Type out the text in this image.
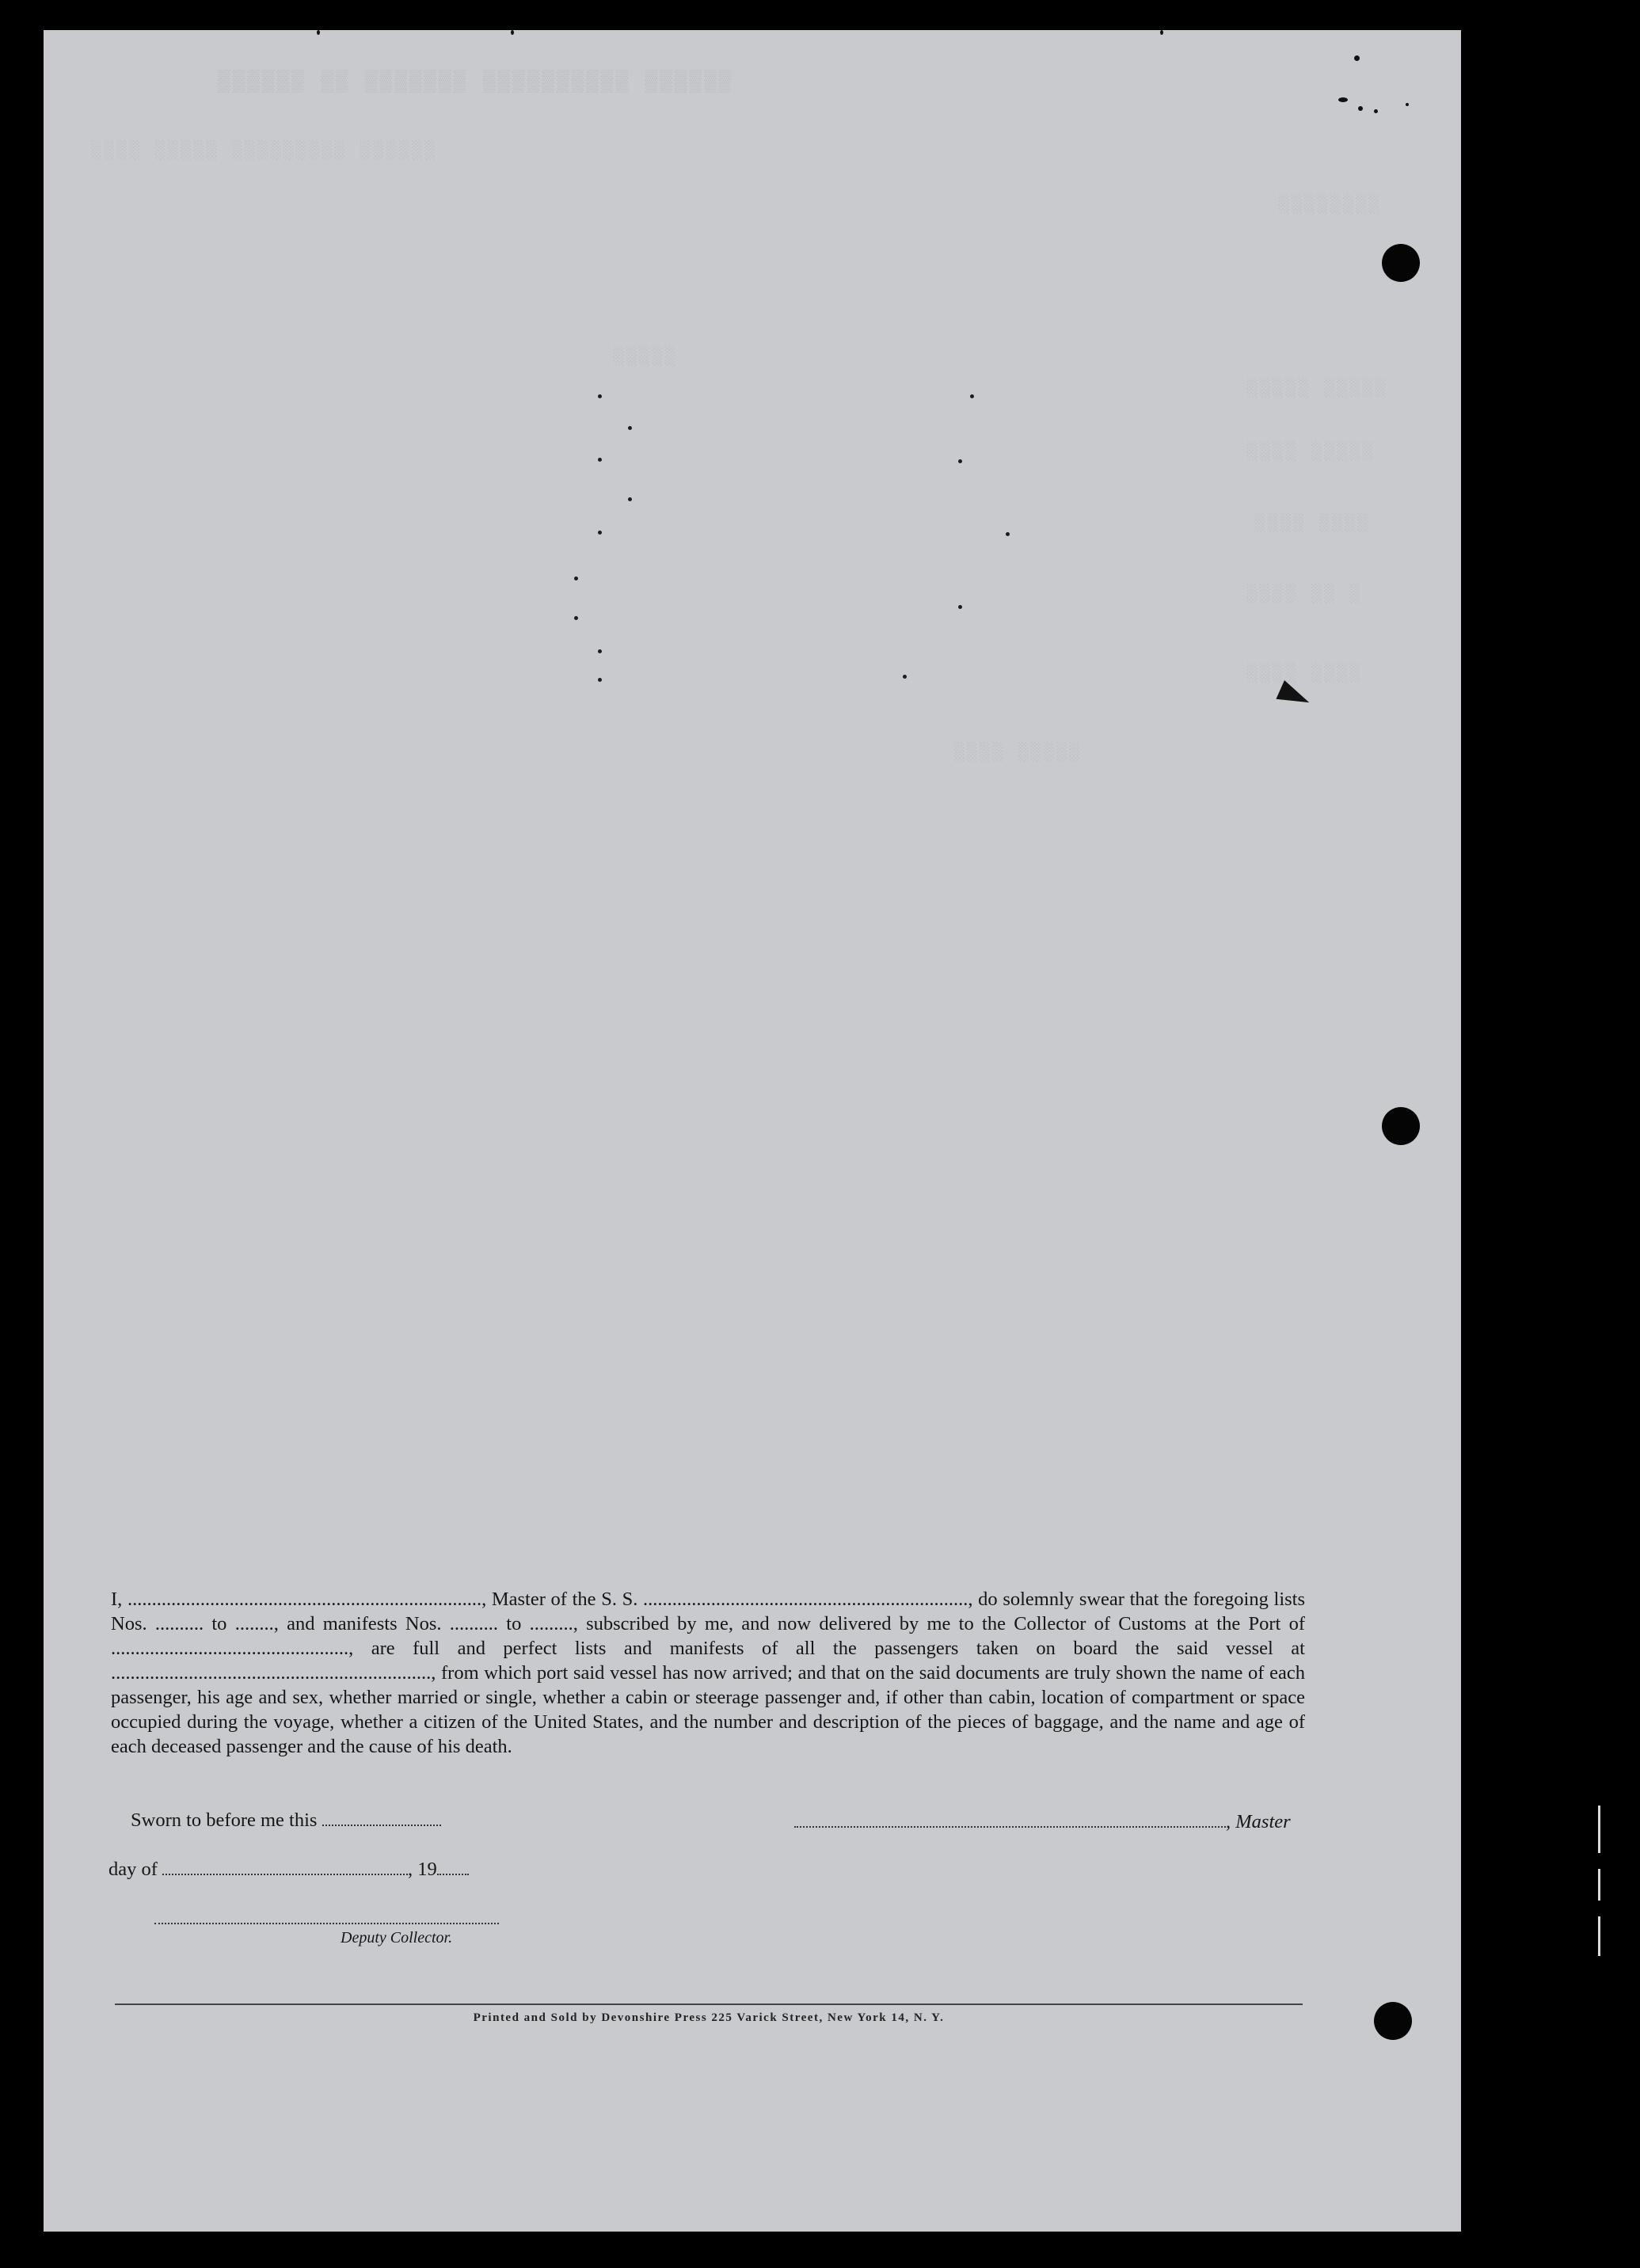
▒▒▒▒▒▒ ▒▒ ▒▒▒▒▒▒▒ ▒▒▒▒▒▒▒▒▒▒ ▒▒▒▒▒▒
░░░░ ░░░░░ ░░░░░░░░░ ░░░░░░
░░░░░░░░
░░░░░
░░░░░ ░░░░░
░░░░ ░░░░░
░░░░ ░░░░
░░░░ ░░ ░
░░░░ ░░░░
░░░░ ░░░░░

I, ........................................................................., Master of the S. S. ..................................................................., do solemnly swear that the foregoing lists Nos. .......... to ........, and manifests Nos. .......... to ........., subscribed by me, and now delivered by me to the Collector of Customs at the Port of ................................................., are full and perfect lists and manifests of all the passengers taken on board the said vessel at .................................................................., from which port said vessel has now arrived; and that on the said documents are truly shown the name of each passenger, his age and sex, whether married or single, whether a cabin or steerage passenger and, if other than cabin, location of compartment or space occupied during the voyage, whether a citizen of the United States, and the number and description of the pieces of baggage, and the name and age of each deceased passenger and the cause of his death.

Sworn to before me this	, Master
day of	, 19
Deputy Collector.
Printed and Sold by Devonshire Press 225 Varick Street, New York 14, N. Y.
